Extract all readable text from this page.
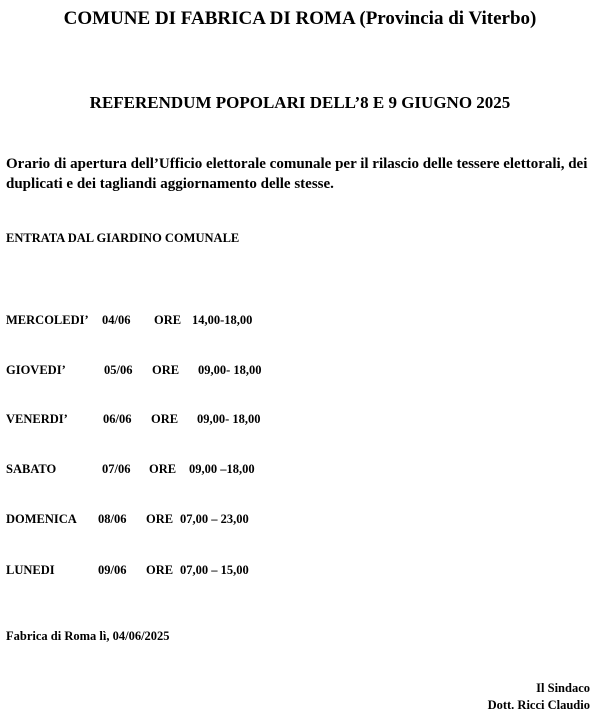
COMUNE DI FABRICA DI ROMA (Provincia di Viterbo)
REFERENDUM POPOLARI DELL’8 E 9 GIUGNO 2025
Orario di apertura dell’Ufficio elettorale comunale per il rilascio delle tessere elettorali, dei duplicati e dei tagliandi aggiornamento delle stesse.
ENTRATA DAL GIARDINO COMUNALE
MERCOLEDI’ 04/06 ORE 14,00-18,00
GIOVEDI’	05/06 ORE 09,00- 18,00
VENERDI’	06/06 ORE 09,00- 18,00
SABATO	07/06 ORE 09,00 –18,00
DOMENICA 08/06 ORE 07,00 – 23,00
LUNEDI	09/06 ORE 07,00 – 15,00
Fabrica di Roma lì, 04/06/2025
Il Sindaco
Dott. Ricci Claudio
